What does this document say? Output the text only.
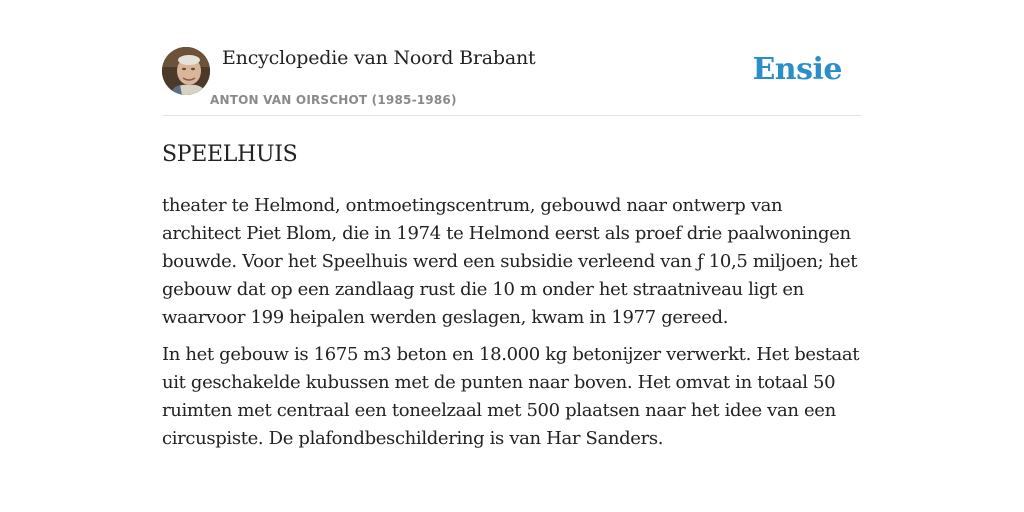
Encyclopedie van Noord Brabant
ANTON VAN OIRSCHOT (1985-1986)
Ensie
SPEELHUIS

theater te Helmond, ontmoetingscentrum, gebouwd naar ontwerp van architect Piet Blom, die in 1974 te Helmond eerst als proef drie paalwoningen bouwde. Voor het Speelhuis werd een subsidie verleend van ƒ 10,5 miljoen; het gebouw dat op een zandlaag rust die 10 m onder het straatniveau ligt en waarvoor 199 heipalen werden geslagen, kwam in 1977 gereed.

In het gebouw is 1675 m3 beton en 18.000 kg betonijzer verwerkt. Het bestaat uit geschakelde kubussen met de punten naar boven. Het omvat in totaal 50 ruimten met centraal een toneelzaal met 500 plaatsen naar het idee van een circuspiste. De plafondbeschildering is van Har Sanders.
